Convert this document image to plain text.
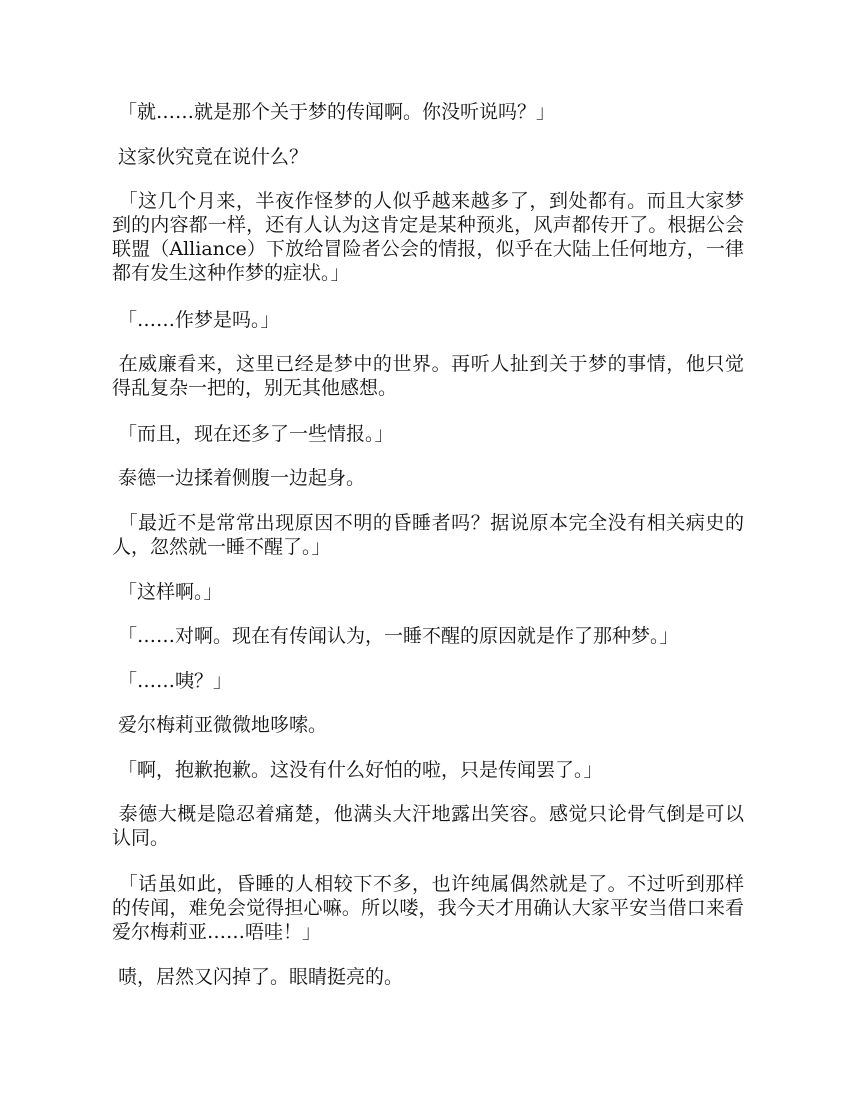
「就……就是那个关于梦的传闻啊。你没听说吗？」

这家伙究竟在说什么？

「这几个月来，半夜作怪梦的人似乎越来越多了，到处都有。而且大家梦到的内容都一样，还有人认为这肯定是某种预兆，风声都传开了。根据公会联盟（Alliance）下放给冒险者公会的情报，似乎在大陆上任何地方，一律都有发生这种作梦的症状。」

「……作梦是吗。」

在威廉看来，这里已经是梦中的世界。再听人扯到关于梦的事情，他只觉得乱复杂一把的，别无其他感想。

「而且，现在还多了一些情报。」

泰德一边揉着侧腹一边起身。

「最近不是常常出现原因不明的昏睡者吗？据说原本完全没有相关病史的人，忽然就一睡不醒了。」

「这样啊。」

「……对啊。现在有传闻认为，一睡不醒的原因就是作了那种梦。」

「……咦？」

爱尔梅莉亚微微地哆嗦。

「啊，抱歉抱歉。这没有什么好怕的啦，只是传闻罢了。」

泰德大概是隐忍着痛楚，他满头大汗地露出笑容。感觉只论骨气倒是可以认同。

「话虽如此，昏睡的人相较下不多，也许纯属偶然就是了。不过听到那样的传闻，难免会觉得担心嘛。所以喽，我今天才用确认大家平安当借口来看爱尔梅莉亚……唔哇！」

啧，居然又闪掉了。眼睛挺亮的。
